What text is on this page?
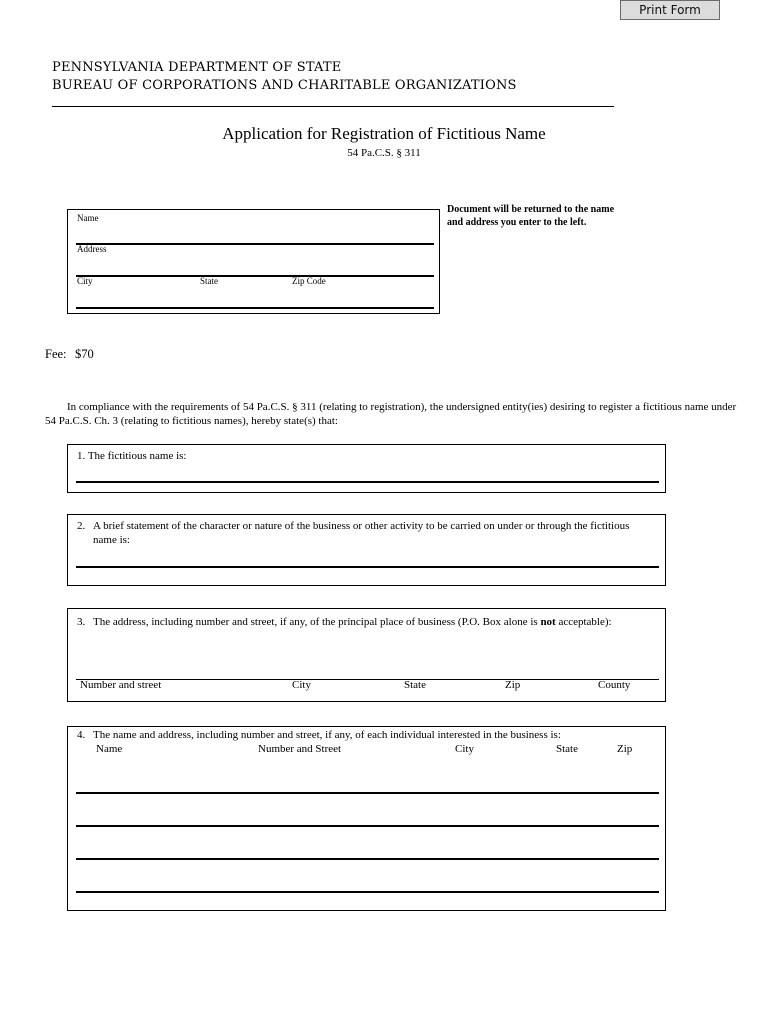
Print Form
PENNSYLVANIA DEPARTMENT OF STATE
BUREAU OF CORPORATIONS AND CHARITABLE ORGANIZATIONS
Application for Registration of Fictitious Name
54 Pa.C.S. § 311
Name
Address
City	State	Zip Code
Document will be returned to the name and address you enter to the left.
Fee: $70
In compliance with the requirements of 54 Pa.C.S. § 311 (relating to registration), the undersigned entity(ies) desiring to register a fictitious name under 54 Pa.C.S. Ch. 3 (relating to fictitious names), hereby state(s) that:
1. The fictitious name is:
2. A brief statement of the character or nature of the business or other activity to be carried on under or through the fictitious name is:
3. The address, including number and street, if any, of the principal place of business (P.O. Box alone is not acceptable):
Number and street	City	State	Zip	County
4. The name and address, including number and street, if any, of each individual interested in the business is:
Name	Number and Street	City	State	Zip
